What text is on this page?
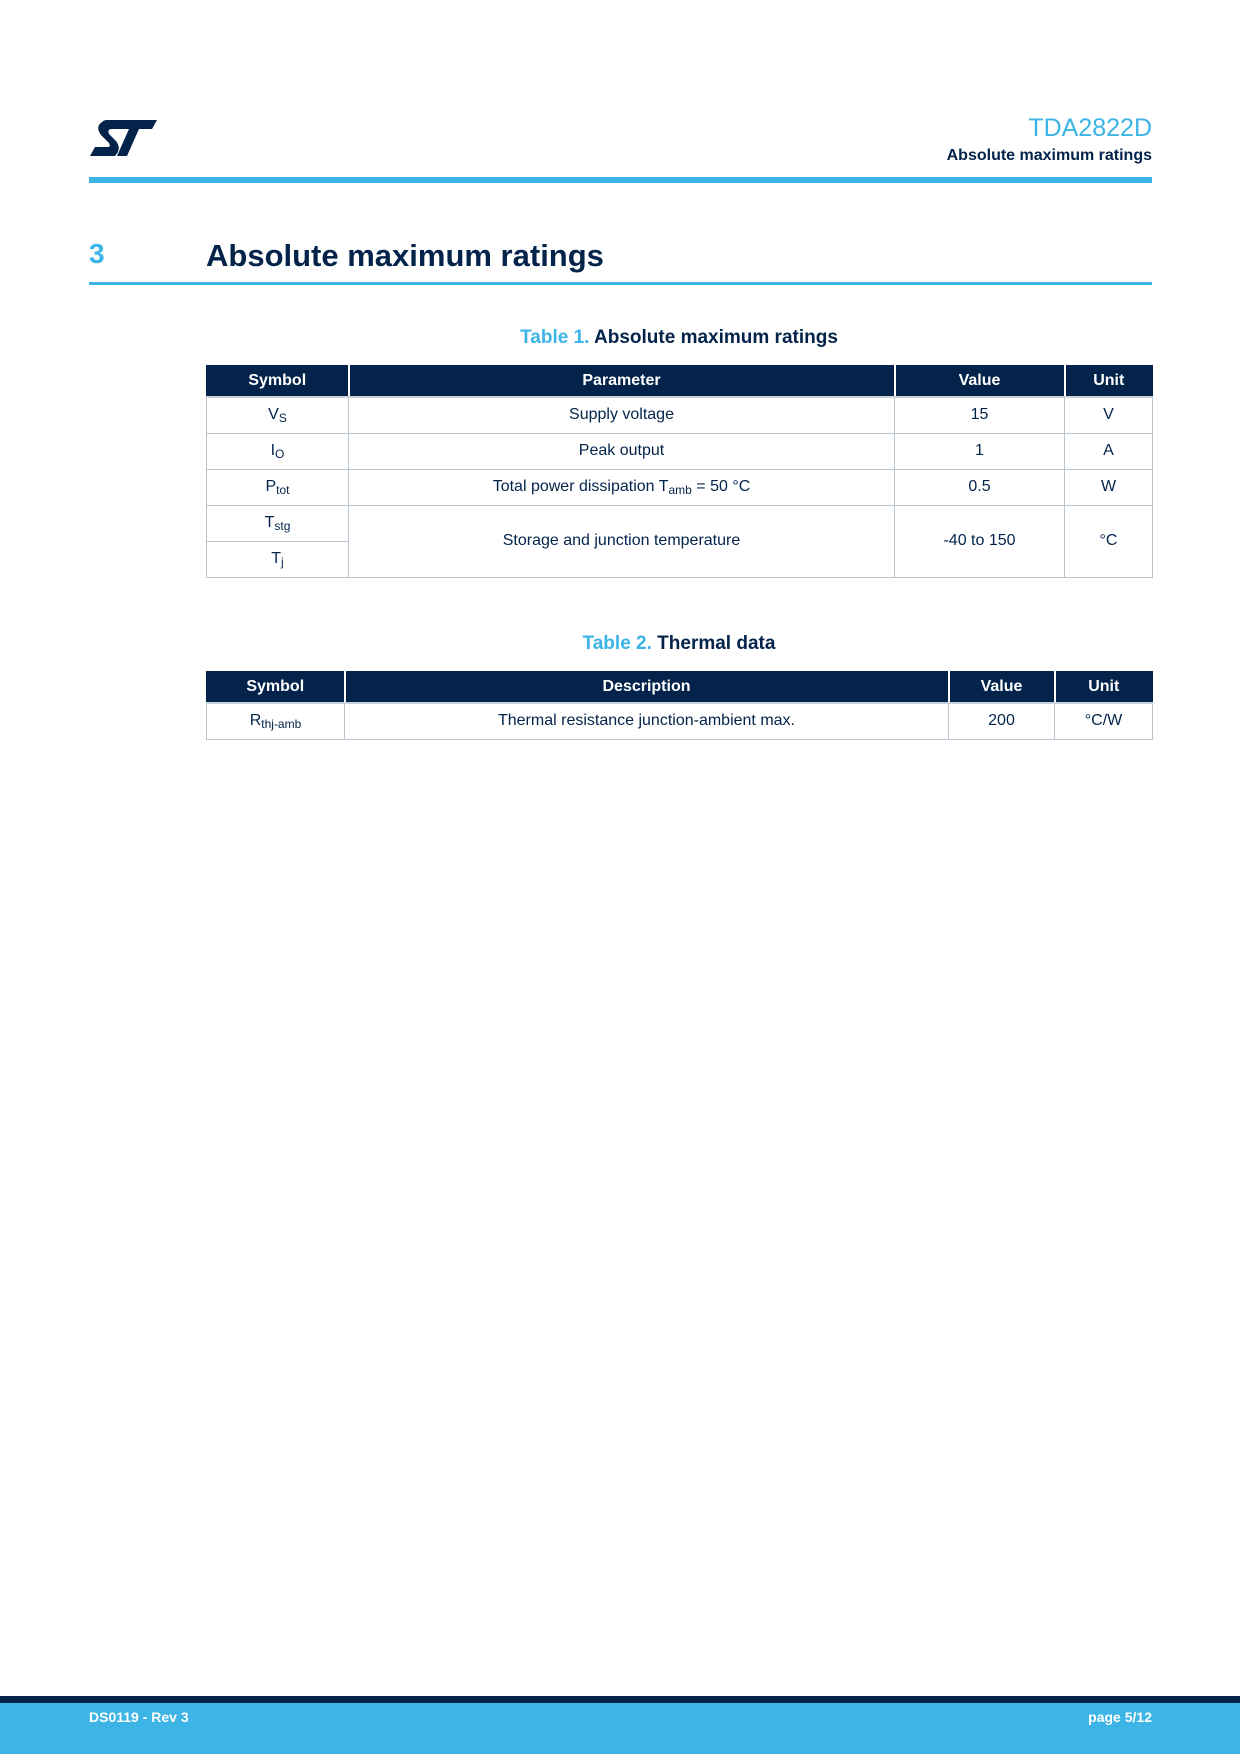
TDA2822D
Absolute maximum ratings
3	Absolute maximum ratings
Table 1. Absolute maximum ratings
Symbol	Parameter	Value	Unit
$V_S$	Supply voltage	15	V
$I_O$	Peak output	1	A
$P_{tot}$	Total power dissipation $T_{amb} = 50$ °C	0.5	W
$T_{stg}$	Storage and junction temperature	-40 to 150	°C
$T_j$
Table 2. Thermal data
Symbol	Description	Value	Unit
$R_{thj-amb}$	Thermal resistance junction-ambient max.	200	°C/W
DS0119 - Rev 3	page 5/12
